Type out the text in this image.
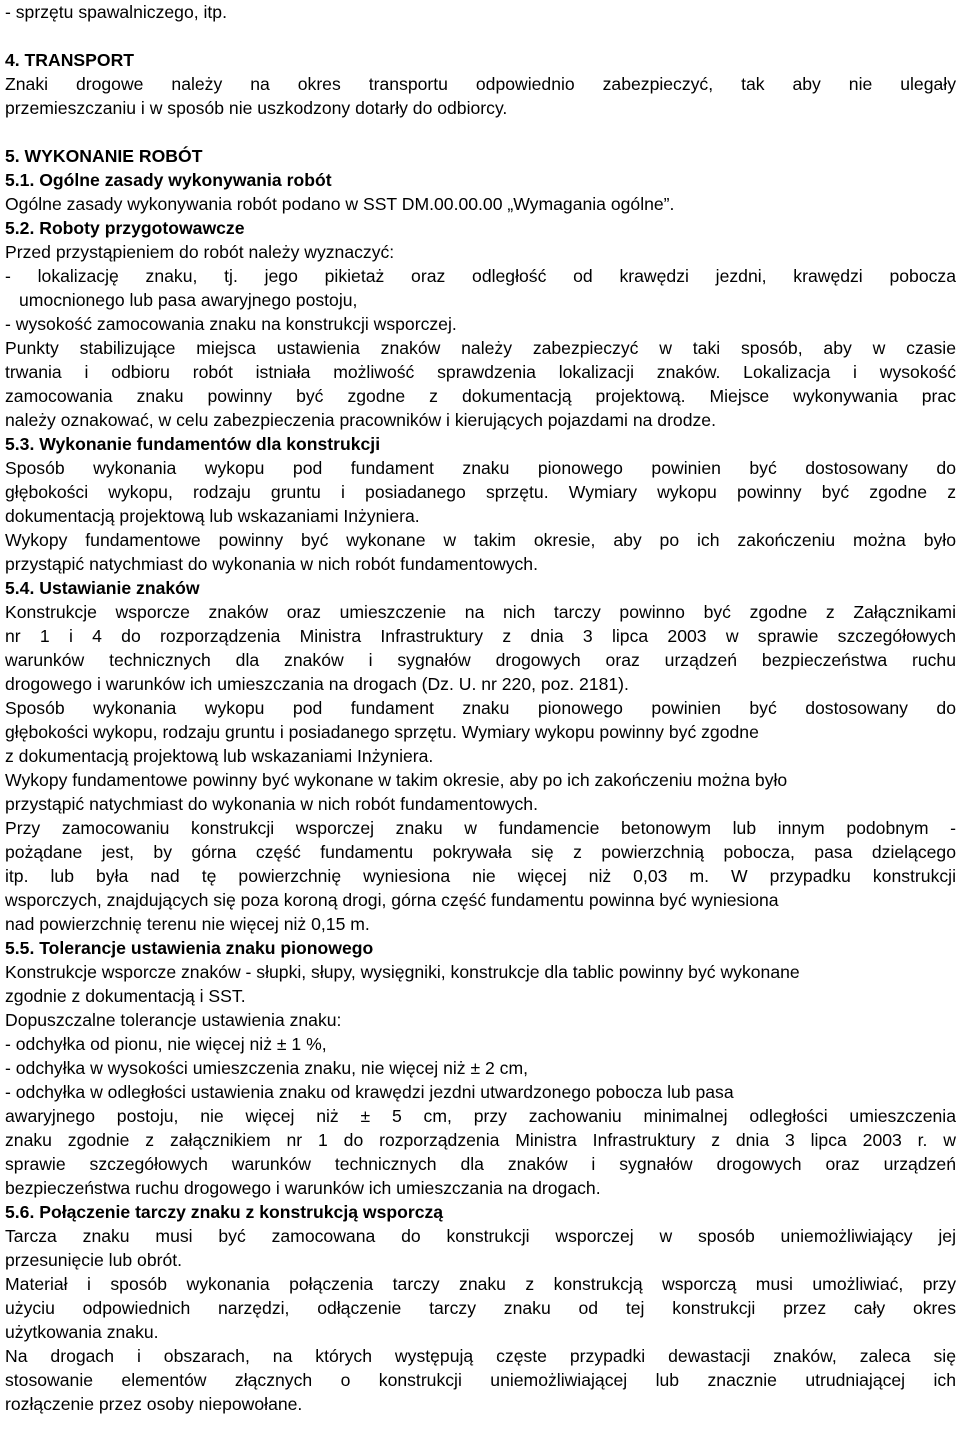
- sprzętu spawalniczego, itp.
4. TRANSPORT
Znaki drogowe należy na okres transportu odpowiednio zabezpieczyć, tak aby nie ulegały
przemieszczaniu i w sposób nie uszkodzony dotarły do odbiorcy.
5. WYKONANIE ROBÓT
5.1. Ogólne zasady wykonywania robót
Ogólne zasady wykonywania robót podano w SST DM.00.00.00 „Wymagania ogólne”.
5.2. Roboty przygotowawcze
Przed przystąpieniem do robót należy wyznaczyć:
- lokalizację znaku, tj. jego pikietaż oraz odległość od krawędzi jezdni, krawędzi pobocza
umocnionego lub pasa awaryjnego postoju,
- wysokość zamocowania znaku na konstrukcji wsporczej.
Punkty stabilizujące miejsca ustawienia znaków należy zabezpieczyć w taki sposób, aby w czasie
trwania i odbioru robót istniała możliwość sprawdzenia lokalizacji znaków. Lokalizacja i wysokość
zamocowania znaku powinny być zgodne z dokumentacją projektową. Miejsce wykonywania prac
należy oznakować, w celu zabezpieczenia pracowników i kierujących pojazdami na drodze.
5.3. Wykonanie fundamentów dla konstrukcji
Sposób wykonania wykopu pod fundament znaku pionowego powinien być dostosowany do
głębokości wykopu, rodzaju gruntu i posiadanego sprzętu. Wymiary wykopu powinny być zgodne z
dokumentacją projektową lub wskazaniami Inżyniera.
Wykopy fundamentowe powinny być wykonane w takim okresie, aby po ich zakończeniu można było
przystąpić natychmiast do wykonania w nich robót fundamentowych.
5.4. Ustawianie znaków
Konstrukcje wsporcze znaków oraz umieszczenie na nich tarczy powinno być zgodne z Załącznikami
nr 1 i 4 do rozporządzenia Ministra Infrastruktury z dnia 3 lipca 2003 w sprawie szczegółowych
warunków technicznych dla znaków i sygnałów drogowych oraz urządzeń bezpieczeństwa ruchu
drogowego i warunków ich umieszczania na drogach (Dz. U. nr 220, poz. 2181).
Sposób wykonania wykopu pod fundament znaku pionowego powinien być dostosowany do
głębokości wykopu, rodzaju gruntu i posiadanego sprzętu. Wymiary wykopu powinny być zgodne
z dokumentacją projektową lub wskazaniami Inżyniera.
Wykopy fundamentowe powinny być wykonane w takim okresie, aby po ich zakończeniu można było
przystąpić natychmiast do wykonania w nich robót fundamentowych.
Przy zamocowaniu konstrukcji wsporczej znaku w fundamencie betonowym lub innym podobnym -
pożądane jest, by górna część fundamentu pokrywała się z powierzchnią pobocza, pasa dzielącego
itp. lub była nad tę powierzchnię wyniesiona nie więcej niż 0,03 m. W przypadku konstrukcji
wsporczych, znajdujących się poza koroną drogi, górna część fundamentu powinna być wyniesiona
nad powierzchnię terenu nie więcej niż 0,15 m.
5.5. Tolerancje ustawienia znaku pionowego
Konstrukcje wsporcze znaków - słupki, słupy, wysięgniki, konstrukcje dla tablic powinny być wykonane
zgodnie z dokumentacją i SST.
Dopuszczalne tolerancje ustawienia znaku:
- odchyłka od pionu, nie więcej niż ± 1 %,
- odchyłka w wysokości umieszczenia znaku, nie więcej niż ± 2 cm,
- odchyłka w odległości ustawienia znaku od krawędzi jezdni utwardzonego pobocza lub pasa
awaryjnego postoju, nie więcej niż ± 5 cm, przy zachowaniu minimalnej odległości umieszczenia
znaku zgodnie z załącznikiem nr 1 do rozporządzenia Ministra Infrastruktury z dnia 3 lipca 2003 r. w
sprawie szczegółowych warunków technicznych dla znaków i sygnałów drogowych oraz urządzeń
bezpieczeństwa ruchu drogowego i warunków ich umieszczania na drogach.
5.6. Połączenie tarczy znaku z konstrukcją wsporczą
Tarcza znaku musi być zamocowana do konstrukcji wsporczej w sposób uniemożliwiający jej
przesunięcie lub obrót.
Materiał i sposób wykonania połączenia tarczy znaku z konstrukcją wsporczą musi umożliwiać, przy
użyciu odpowiednich narzędzi, odłączenie tarczy znaku od tej konstrukcji przez cały okres
użytkowania znaku.
Na drogach i obszarach, na których występują częste przypadki dewastacji znaków, zaleca się
stosowanie elementów złącznych o konstrukcji uniemożliwiającej lub znacznie utrudniającej ich
rozłączenie przez osoby niepowołane.
